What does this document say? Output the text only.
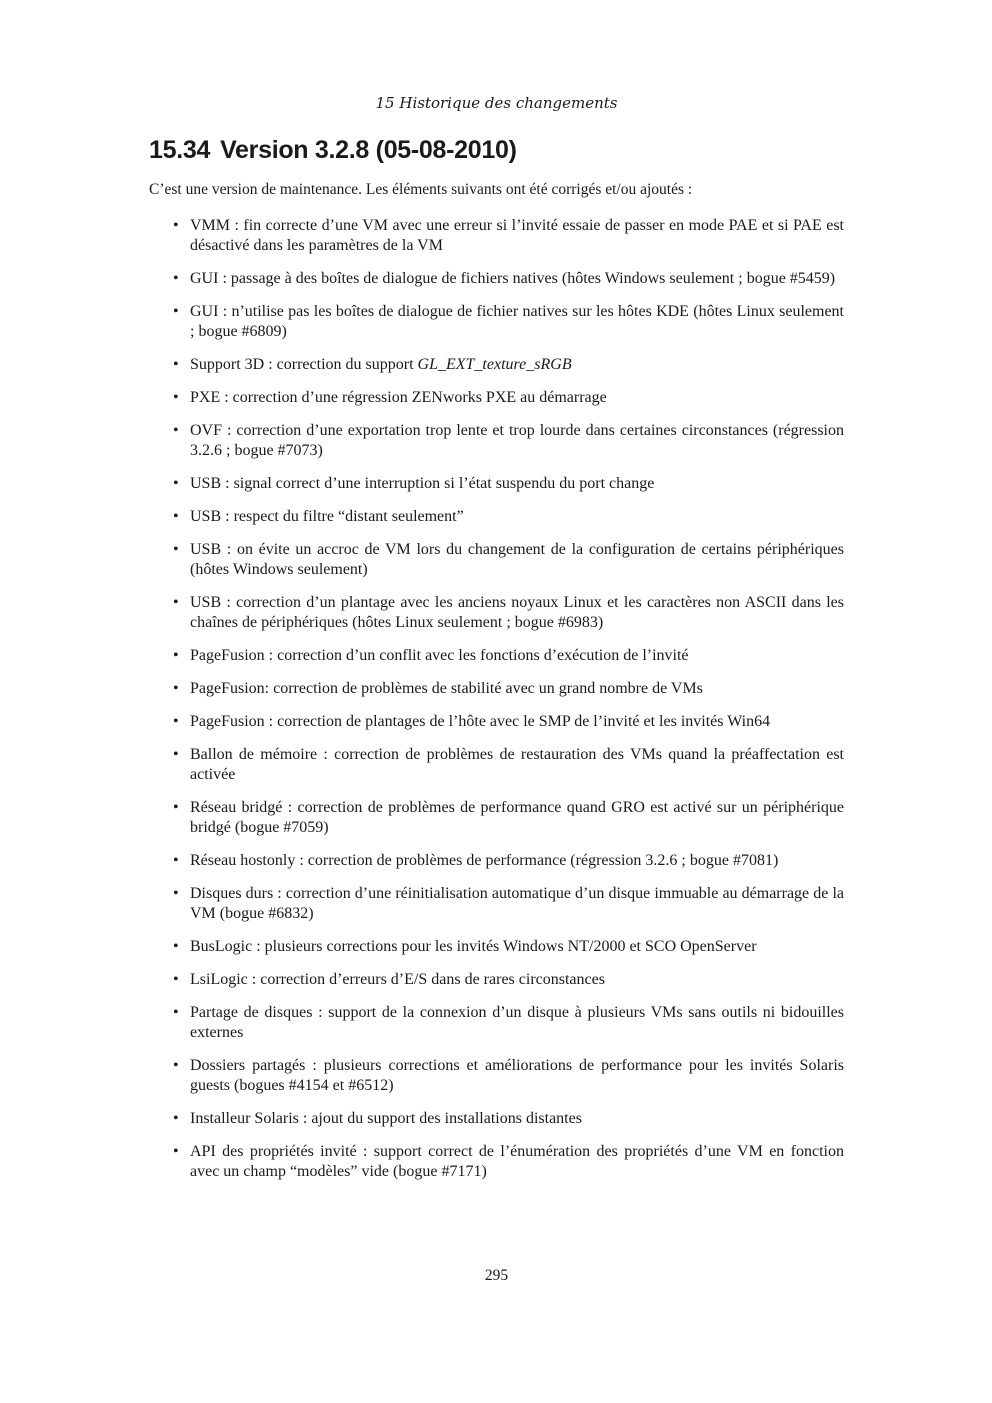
15 Historique des changements
15.34 Version 3.2.8 (05-08-2010)

C’est une version de maintenance. Les éléments suivants ont été corrigés et/ou ajoutés :

• VMM : fin correcte d’une VM avec une erreur si l’invité essaie de passer en mode PAE et si PAE est désactivé dans les paramètres de la VM
• GUI : passage à des boîtes de dialogue de fichiers natives (hôtes Windows seulement ; bogue #5459)
• GUI : n’utilise pas les boîtes de dialogue de fichier natives sur les hôtes KDE (hôtes Linux seulement ; bogue #6809)
• Support 3D : correction du support GL_EXT_texture_sRGB
• PXE : correction d’une régression ZENworks PXE au démarrage
• OVF : correction d’une exportation trop lente et trop lourde dans certaines circonstances (régression 3.2.6 ; bogue #7073)
• USB : signal correct d’une interruption si l’état suspendu du port change
• USB : respect du filtre “distant seulement”
• USB : on évite un accroc de VM lors du changement de la configuration de certains périphériques (hôtes Windows seulement)
• USB : correction d’un plantage avec les anciens noyaux Linux et les caractères non ASCII dans les chaînes de périphériques (hôtes Linux seulement ; bogue #6983)
• PageFusion : correction d’un conflit avec les fonctions d’exécution de l’invité
• PageFusion: correction de problèmes de stabilité avec un grand nombre de VMs
• PageFusion : correction de plantages de l’hôte avec le SMP de l’invité et les invités Win64
• Ballon de mémoire : correction de problèmes de restauration des VMs quand la préaffectation est activée
• Réseau bridgé : correction de problèmes de performance quand GRO est activé sur un périphérique bridgé (bogue #7059)
• Réseau hostonly : correction de problèmes de performance (régression 3.2.6 ; bogue #7081)
• Disques durs : correction d’une réinitialisation automatique d’un disque immuable au démarrage de la VM (bogue #6832)
• BusLogic : plusieurs corrections pour les invités Windows NT/2000 et SCO OpenServer
• LsiLogic : correction d’erreurs d’E/S dans de rares circonstances
• Partage de disques : support de la connexion d’un disque à plusieurs VMs sans outils ni bidouilles externes
• Dossiers partagés : plusieurs corrections et améliorations de performance pour les invités Solaris guests (bogues #4154 et #6512)
• Installeur Solaris : ajout du support des installations distantes
• API des propriétés invité : support correct de l’énumération des propriétés d’une VM en fonction avec un champ “modèles” vide (bogue #7171)
295
